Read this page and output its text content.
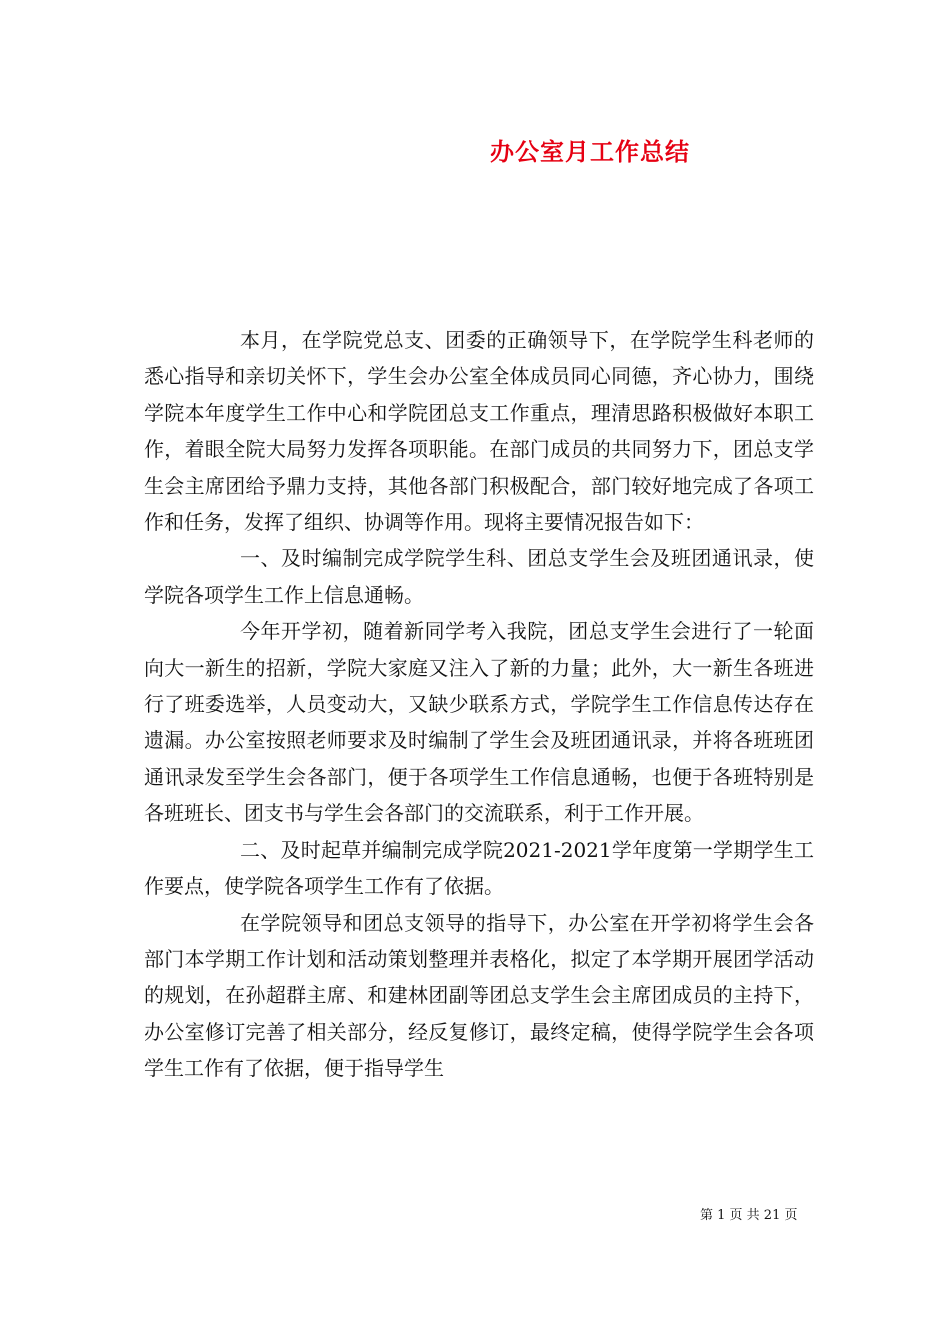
办公室月工作总结

本月，在学院党总支、团委的正确领导下，在学院学生科老师的悉心指导和亲切关怀下，学生会办公室全体成员同心同德，齐心协力，围绕学院本年度学生工作中心和学院团总支工作重点，理清思路积极做好本职工作，着眼全院大局努力发挥各项职能。在部门成员的共同努力下，团总支学生会主席团给予鼎力支持，其他各部门积极配合，部门较好地完成了各项工作和任务，发挥了组织、协调等作用。现将主要情况报告如下：

一、及时编制完成学院学生科、团总支学生会及班团通讯录，使学院各项学生工作上信息通畅。

今年开学初，随着新同学考入我院，团总支学生会进行了一轮面向大一新生的招新，学院大家庭又注入了新的力量；此外，大一新生各班进行了班委选举，人员变动大，又缺少联系方式，学院学生工作信息传达存在遗漏。办公室按照老师要求及时编制了学生会及班团通讯录，并将各班班团通讯录发至学生会各部门，便于各项学生工作信息通畅，也便于各班特别是各班班长、团支书与学生会各部门的交流联系，利于工作开展。

二、及时起草并编制完成学院2021-2021学年度第一学期学生工作要点，使学院各项学生工作有了依据。

在学院领导和团总支领导的指导下，办公室在开学初将学生会各部门本学期工作计划和活动策划整理并表格化，拟定了本学期开展团学活动的规划，在孙超群主席、和建林团副等团总支学生会主席团成员的主持下，办公室修订完善了相关部分，经反复修订，最终定稿，使得学院学生会各项学生工作有了依据，便于指导学生

第 1 页 共 21 页
